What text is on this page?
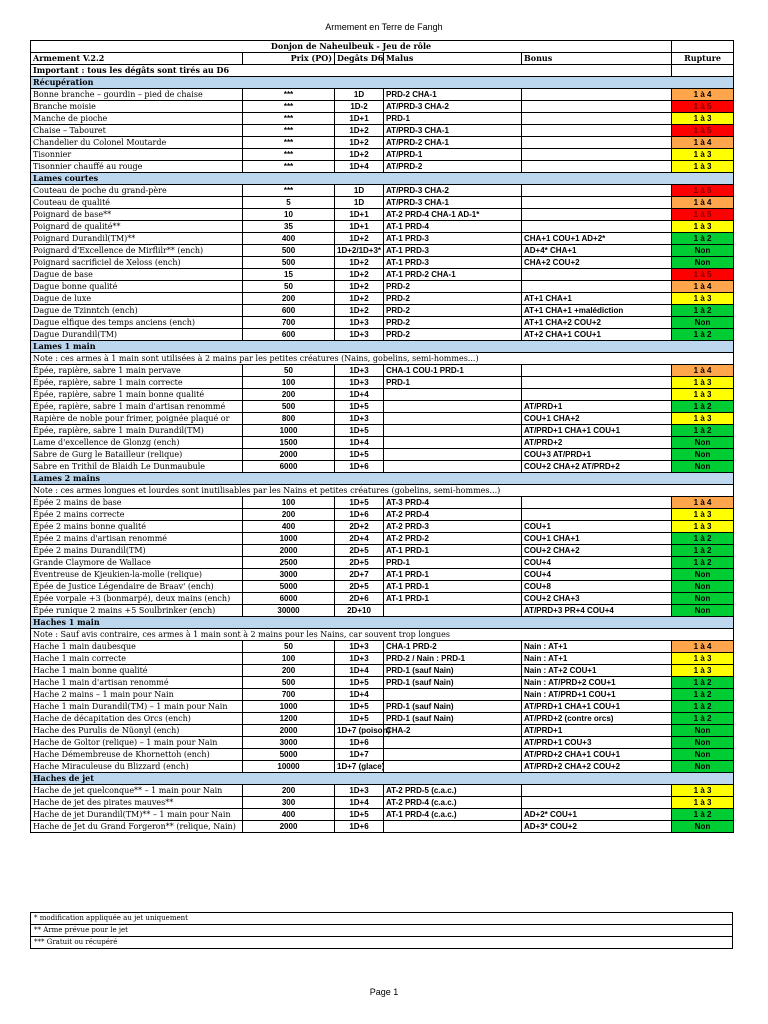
Armement en Terre de Fangh
Donjon de Naheulbeuk - Jeu de rôle					
Armement V.2.2	Prix (PO)	Degâts D6	Malus	Bonus	Rupture
Important : tous les dégâts sont tirés au D6					
Récupération					
Bonne branche – gourdin – pied de chaise	***	1D	PRD-2 CHA-1		1 à 4
Branche moisie	***	1D-2	AT/PRD-3 CHA-2		1 à 5
Manche de pioche	***	1D+1	PRD-1		1 à 3
Chaise – Tabouret	***	1D+2	AT/PRD-3 CHA-1		1 à 5
Chandelier du Colonel Moutarde	***	1D+2	AT/PRD-2 CHA-1		1 à 4
Tisonnier	***	1D+2	AT/PRD-1		1 à 3
Tisonnier chauffé au rouge	***	1D+4	AT/PRD-2		1 à 3
Lames courtes					
Couteau de poche du grand-père	***	1D	AT/PRD-3 CHA-2		1 à 5
Couteau de qualité	5	1D	AT/PRD-3 CHA-1		1 à 4
Poignard de base**	10	1D+1	AT-2 PRD-4 CHA-1 AD-1*		1 à 5
Poignard de qualité**	35	1D+1	AT-1 PRD-4		1 à 3
Poignard Durandil(TM)**	400	1D+2	AT-1 PRD-3	CHA+1 COU+1 AD+2*	1 à 2
Poignard d'Excellence de Mirflilr** (ench)	500	1D+2/1D+3*	AT-1 PRD-3	AD+4* CHA+1	Non
Poignard sacrificiel de Xeloss (ench)	500	1D+2	AT-1 PRD-3	CHA+2 COU+2	Non
Dague de base	15	1D+2	AT-1 PRD-2 CHA-1		1 à 5
Dague bonne qualité	50	1D+2	PRD-2		1 à 4
Dague de luxe	200	1D+2	PRD-2	AT+1 CHA+1	1 à 3
Dague de Tzinntch (ench)	600	1D+2	PRD-2	AT+1 CHA+1 +malédiction	1 à 2
Dague elfique des temps anciens (ench)	700	1D+3	PRD-2	AT+1 CHA+2 COU+2	Non
Dague Durandil(TM)	600	1D+3	PRD-2	AT+2 CHA+1 COU+1	1 à 2
Lames 1 main					
Note : ces armes à 1 main sont utilisées à 2 mains par les petites créatures (Nains, gobelins, semi-hommes...)					
Épée, rapière, sabre 1 main pervave	50	1D+3	CHA-1 COU-1 PRD-1		1 à 4
Épée, rapière, sabre 1 main correcte	100	1D+3	PRD-1		1 à 3
Épée, rapière, sabre 1 main bonne qualité	200	1D+4			1 à 3
Épée, rapière, sabre 1 main d'artisan renommé	500	1D+5		AT/PRD+1	1 à 2
Rapière de noble pour frimer, poignée plaqué or	800	1D+3		COU+1 CHA+2	1 à 3
Épée, rapière, sabre 1 main Durandil(TM)	1000	1D+5		AT/PRD+1 CHA+1 COU+1	1 à 2
Lame d'excellence de Glonzg (ench)	1500	1D+4		AT/PRD+2	Non
Sabre de Gurg le Batailleur (relique)	2000	1D+5		COU+3 AT/PRD+1	Non
Sabre en Trithil de Blaidh Le Dunmaubule	6000	1D+6		COU+2 CHA+2 AT/PRD+2	Non
Lames 2 mains					
Note : ces armes longues et lourdes sont inutilisables par les Nains et petites créatures (gobelins, semi-hommes...)					
Épée 2 mains de base	100	1D+5	AT-3 PRD-4		1 à 4
Épée 2 mains correcte	200	1D+6	AT-2 PRD-4		1 à 3
Épée 2 mains bonne qualité	400	2D+2	AT-2 PRD-3	COU+1	1 à 3
Épée 2 mains d'artisan renommé	1000	2D+4	AT-2 PRD-2	COU+1 CHA+1	1 à 2
Épée 2 mains Durandil(TM)	2000	2D+5	AT-1 PRD-1	COU+2 CHA+2	1 à 2
Grande Claymore de Wallace	2500	2D+5	PRD-1	COU+4	1 à 2
Éventreuse de Kjeukien-la-molle (relique)	3000	2D+7	AT-1 PRD-1	COU+4	Non
Épée de Justice Légendaire de Braav' (ench)	5000	2D+5	AT-1 PRD-1	COU+8	Non
Épée vorpale +3 (bonmarpé), deux mains (ench)	6000	2D+6	AT-1 PRD-1	COU+2 CHA+3	Non
Épée runique 2 mains +5 Soulbrinker (ench)	30000	2D+10		AT/PRD+3 PR+4 COU+4	Non
Haches 1 main					
Note : Sauf avis contraire, ces armes à 1 main sont à 2 mains pour les Nains, car souvent trop longues					
Hache 1 main daubesque	50	1D+3	CHA-1 PRD-2	Nain : AT+1	1 à 4
Hache 1 main correcte	100	1D+3	PRD-2 / Nain : PRD-1	Nain : AT+1	1 à 3
Hache 1 main bonne qualité	200	1D+4	PRD-1 (sauf Nain)	Nain : AT+2 COU+1	1 à 3
Hache 1 main d'artisan renommé	500	1D+5	PRD-1 (sauf Nain)	Nain : AT/PRD+2 COU+1	1 à 2
Hache 2 mains – 1 main pour Nain	700	1D+4		Nain : AT/PRD+1 COU+1	1 à 2
Hache 1 main Durandil(TM) – 1 main pour Nain	1000	1D+5	PRD-1 (sauf Nain)	AT/PRD+1 CHA+1 COU+1	1 à 2
Hache de décapitation des Orcs (ench)	1200	1D+5	PRD-1 (sauf Nain)	AT/PRD+2 (contre orcs)	1 à 2
Hache des Purulis de Nüonyl (ench)	2000	1D+7 (poison)	CHA-2	AT/PRD+1	Non
Hache de Goltor (relique) – 1 main pour Nain	3000	1D+6		AT/PRD+1 COU+3	Non
Hache Démembreuse de Khornettoh (ench)	5000	1D+7		AT/PRD+2 CHA+1 COU+1	Non
Hache Miraculeuse du Blizzard (ench)	10000	1D+7 (glace)		AT/PRD+2 CHA+2 COU+2	Non
Haches de jet					
Hache de jet quelconque** – 1 main pour Nain	200	1D+3	AT-2 PRD-5 (c.a.c.)		1 à 3
Hache de jet des pirates mauves**	300	1D+4	AT-2 PRD-4 (c.a.c.)		1 à 3
Hache de jet Durandil(TM)** – 1 main pour Nain	400	1D+5	AT-1 PRD-4 (c.a.c.)	AD+2* COU+1	1 à 2
Hache de Jet du Grand Forgeron** (relique, Nain)	2000	1D+6		AD+3* COU+2	Non
* modification appliquée au jet uniquement
** Arme prévue pour le jet
*** Gratuit ou récupéré
Page 1
